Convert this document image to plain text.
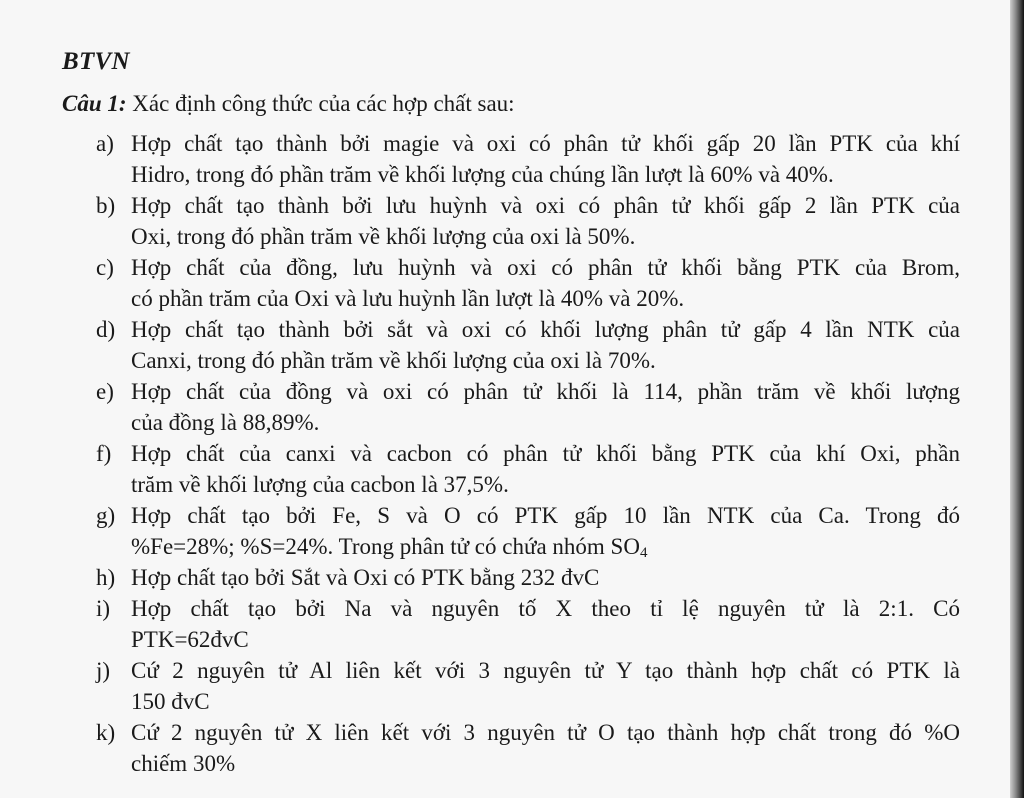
BTVN
Câu 1: Xác định công thức của các hợp chất sau:
a) Hợp chất tạo thành bởi magie và oxi có phân tử khối gấp 20 lần PTK của khí
Hidro, trong đó phần trăm về khối lượng của chúng lần lượt là 60% và 40%.
b) Hợp chất tạo thành bởi lưu huỳnh và oxi có phân tử khối gấp 2 lần PTK của
Oxi, trong đó phần trăm về khối lượng của oxi là 50%.
c) Hợp chất của đồng, lưu huỳnh và oxi có phân tử khối bằng PTK của Brom,
có phần trăm của Oxi và lưu huỳnh lần lượt là 40% và 20%.
d) Hợp chất tạo thành bởi sắt và oxi có khối lượng phân tử gấp 4 lần NTK của
Canxi, trong đó phần trăm về khối lượng của oxi là 70%.
e) Hợp chất của đồng và oxi có phân tử khối là 114, phần trăm về khối lượng
của đồng là 88,89%.
f) Hợp chất của canxi và cacbon có phân tử khối bằng PTK của khí Oxi, phần
trăm về khối lượng của cacbon là 37,5%.
g) Hợp chất tạo bởi Fe, S và O có PTK gấp 10 lần NTK của Ca. Trong đó
%Fe=28%; %S=24%. Trong phân tử có chứa nhóm $SO_4$
h) Hợp chất tạo bởi Sắt và Oxi có PTK bằng 232 đvC
i) Hợp chất tạo bởi Na và nguyên tố X theo tỉ lệ nguyên tử là 2:1. Có
PTK=62đvC
j) Cứ 2 nguyên tử Al liên kết với 3 nguyên tử Y tạo thành hợp chất có PTK là
150 đvC
k) Cứ 2 nguyên tử X liên kết với 3 nguyên tử O tạo thành hợp chất trong đó %O
chiếm 30%
